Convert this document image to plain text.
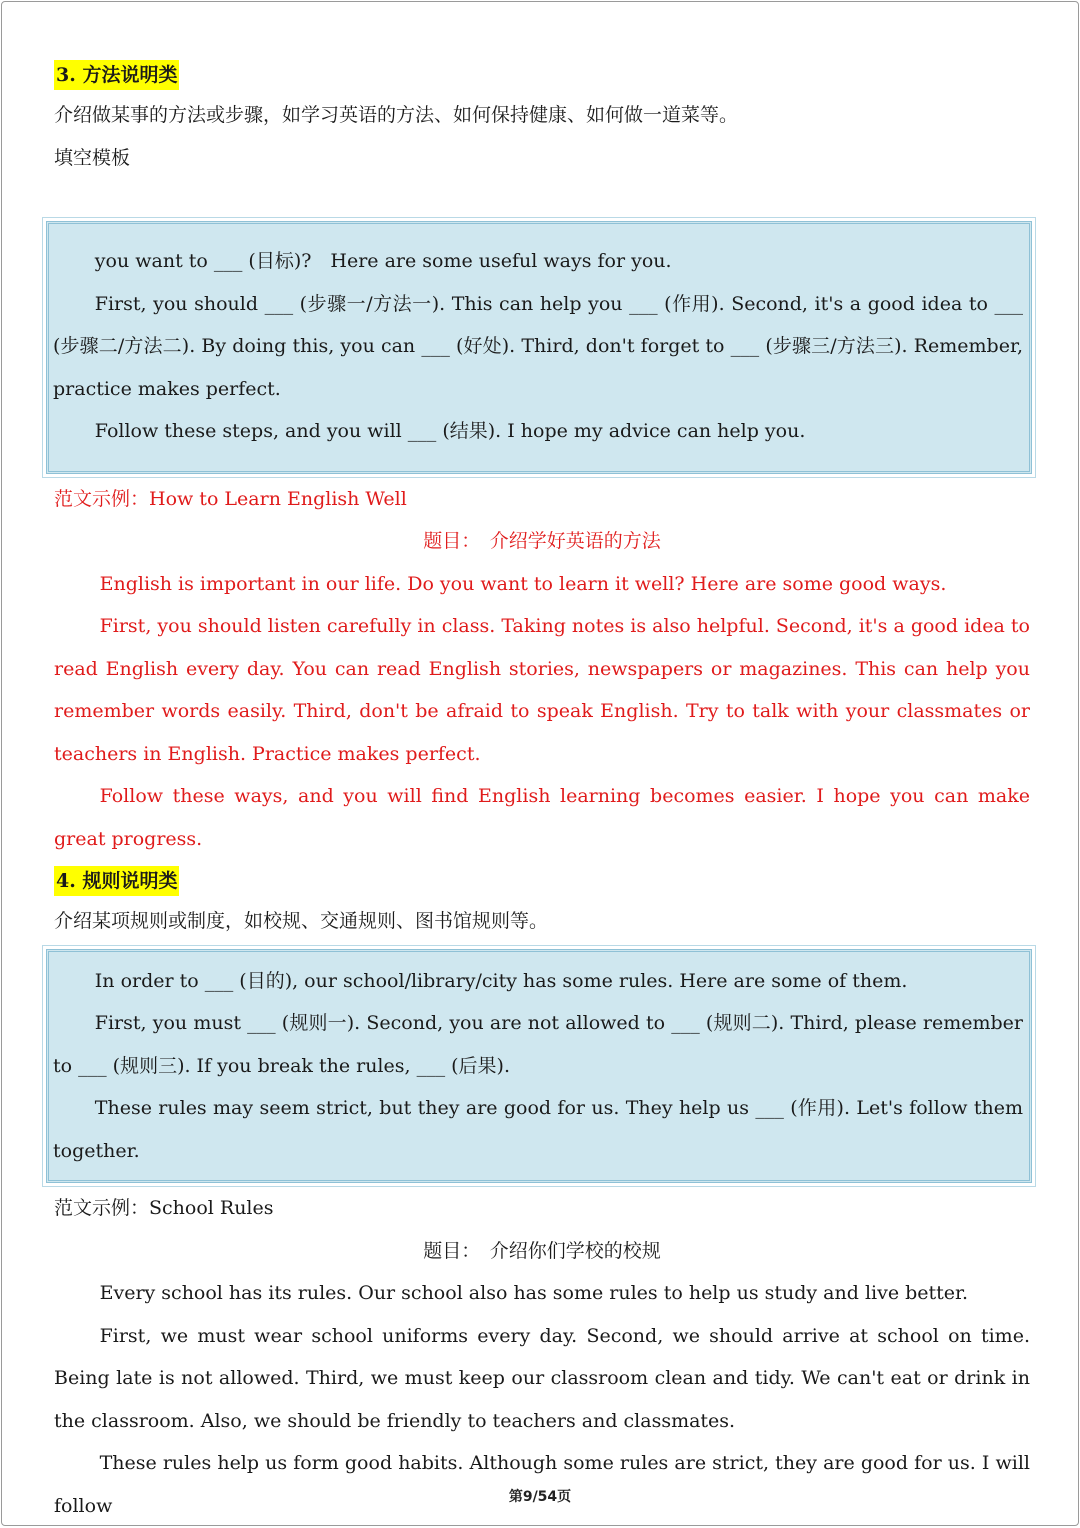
3. 方法说明类
介绍做某事的方法或步骤，如学习英语的方法、如何保持健康、如何做一道菜等。
填空模板

you want to ___ (目标)?　Here are some useful ways for you.

First, you should ___ (步骤一/方法一). This can help you ___ (作用). Second, it's a good idea to ___ (步骤二/方法二). By doing this, you can ___ (好处). Third, don't forget to ___ (步骤三/方法三). Remember, practice makes perfect.

Follow these steps, and you will ___ (结果). I hope my advice can help you.

范文示例：How to Learn English Well
题目：　介绍学好英语的方法

English is important in our life. Do you want to learn it well? Here are some good ways.

First, you should listen carefully in class. Taking notes is also helpful. Second, it's a good idea to read English every day. You can read English stories, newspapers or magazines. This can help you remember words easily. Third, don't be afraid to speak English. Try to talk with your classmates or teachers in English. Practice makes perfect.

Follow these ways, and you will find English learning becomes easier. I hope you can make great progress.

4. 规则说明类
介绍某项规则或制度，如校规、交通规则、图书馆规则等。

In order to ___ (目的), our school/library/city has some rules. Here are some of them.

First, you must ___ (规则一). Second, you are not allowed to ___ (规则二). Third, please remember to ___ (规则三). If you break the rules, ___ (后果).

These rules may seem strict, but they are good for us. They help us ___ (作用). Let's follow them together.

范文示例：School Rules
题目：　介绍你们学校的校规

Every school has its rules. Our school also has some rules to help us study and live better.

First, we must wear school uniforms every day. Second, we should arrive at school on time. Being late is not allowed. Third, we must keep our classroom clean and tidy. We can't eat or drink in the classroom. Also, we should be friendly to teachers and classmates.

These rules help us form good habits. Although some rules are strict, they are good for us. I will follow	第9/54页
